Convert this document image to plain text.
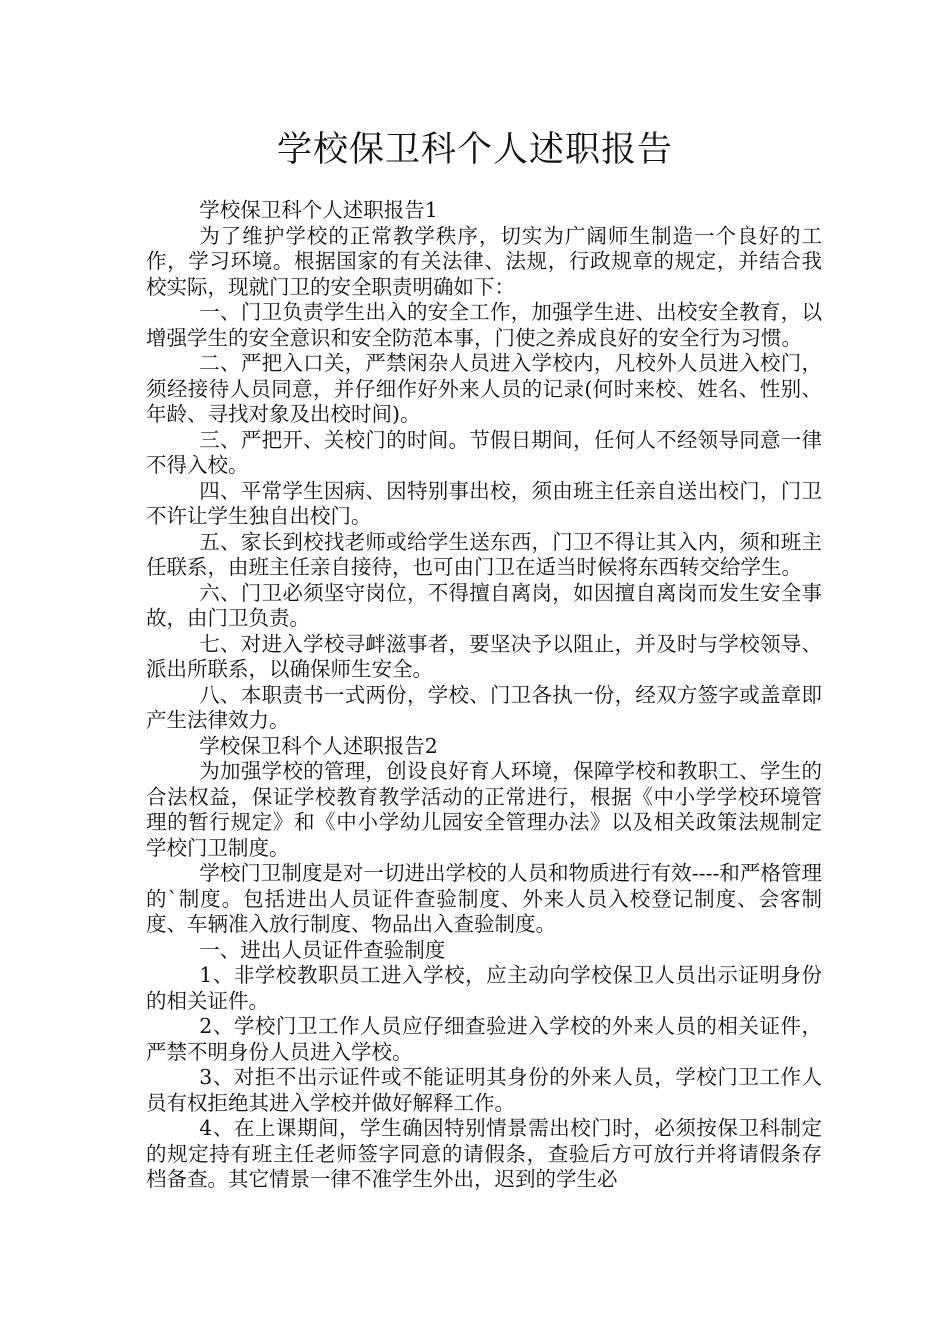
学校保卫科个人述职报告

学校保卫科个人述职报告1

为了维护学校的正常教学秩序，切实为广阔师生制造一个良好的工作，学习环境。根据国家的有关法律、法规，行政规章的规定，并结合我校实际，现就门卫的安全职责明确如下：

一、门卫负责学生出入的安全工作，加强学生进、出校安全教育，以增强学生的安全意识和安全防范本事，门使之养成良好的安全行为习惯。

二、严把入口关，严禁闲杂人员进入学校内，凡校外人员进入校门，须经接待人员同意，并仔细作好外来人员的记录(何时来校、姓名、性别、年龄、寻找对象及出校时间)。

三、严把开、关校门的时间。节假日期间，任何人不经领导同意一律不得入校。

四、平常学生因病、因特别事出校，须由班主任亲自送出校门，门卫不许让学生独自出校门。

五、家长到校找老师或给学生送东西，门卫不得让其入内，须和班主任联系，由班主任亲自接待，也可由门卫在适当时候将东西转交给学生。

六、门卫必须坚守岗位，不得擅自离岗，如因擅自离岗而发生安全事故，由门卫负责。

七、对进入学校寻衅滋事者，要坚决予以阻止，并及时与学校领导、派出所联系，以确保师生安全。

八、本职责书一式两份，学校、门卫各执一份，经双方签字或盖章即产生法律效力。

学校保卫科个人述职报告2

为加强学校的管理，创设良好育人环境，保障学校和教职工、学生的合法权益，保证学校教育教学活动的正常进行，根据《中小学学校环境管理的暂行规定》和《中小学幼儿园安全管理办法》以及相关政策法规制定学校门卫制度。

学校门卫制度是对一切进出学校的人员和物质进行有效----和严格管理的`制度。包括进出人员证件查验制度、外来人员入校登记制度、会客制度、车辆准入放行制度、物品出入查验制度。

一、进出人员证件查验制度

1、非学校教职员工进入学校，应主动向学校保卫人员出示证明身份的相关证件。

2、学校门卫工作人员应仔细查验进入学校的外来人员的相关证件，严禁不明身份人员进入学校。

3、对拒不出示证件或不能证明其身份的外来人员，学校门卫工作人员有权拒绝其进入学校并做好解释工作。

4、在上课期间，学生确因特别情景需出校门时，必须按保卫科制定的规定持有班主任老师签字同意的请假条，查验后方可放行并将请假条存档备查。其它情景一律不准学生外出，迟到的学生必
